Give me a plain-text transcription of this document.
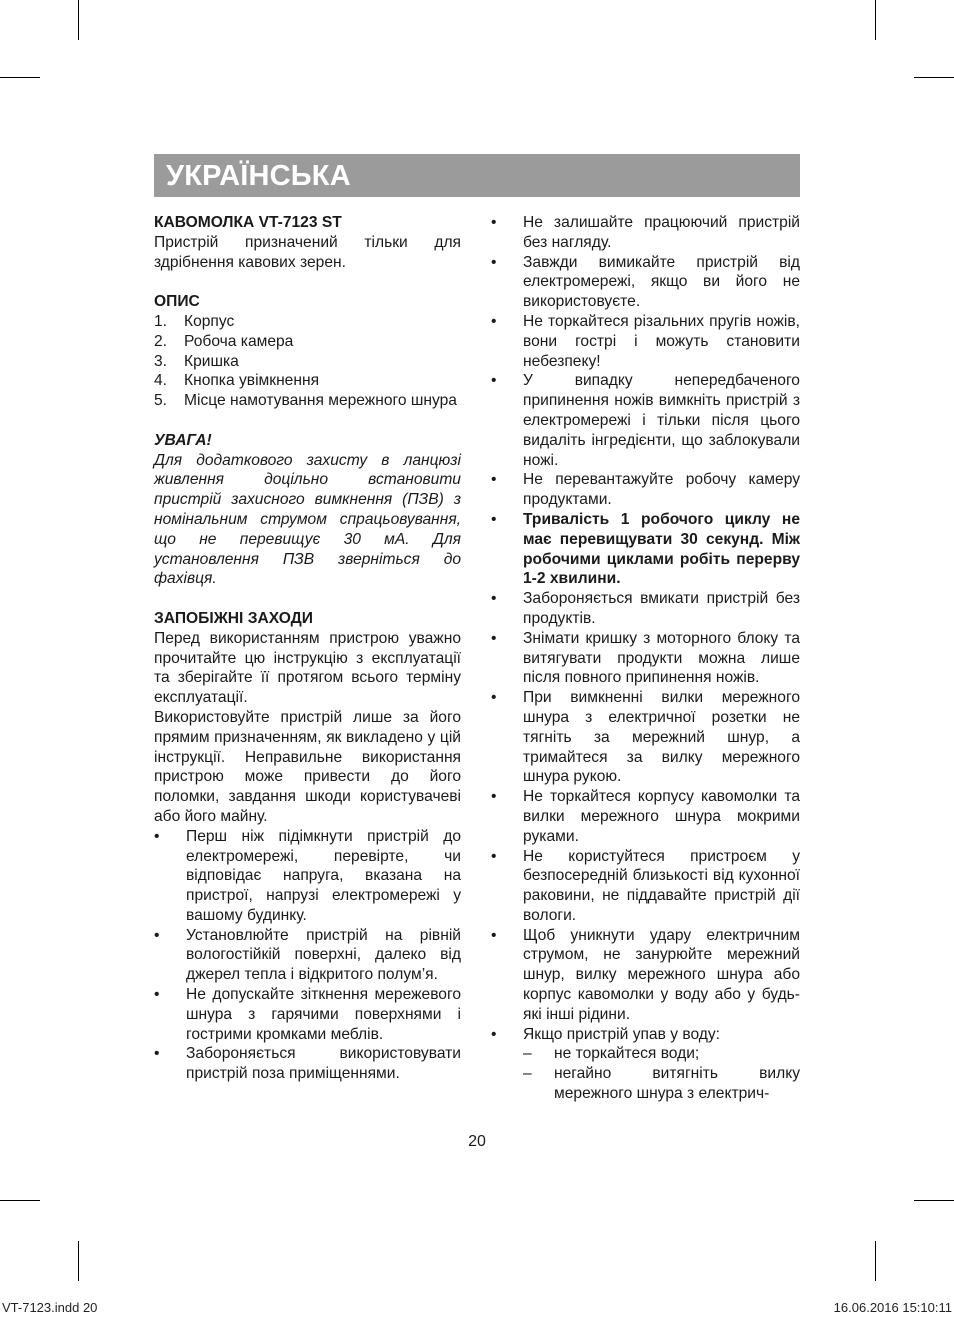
УКРАЇНСЬКА

КАВОМОЛКА VT-7123 ST

Пристрій призначений тільки для здрібнення кавових зерен.

ОПИС

1.	Корпус
2.	Робоча камера
3.	Кришка
4.	Кнопка увімкнення
5.	Місце намотування мережного шнура

УВАГА!

Для додаткового захисту в ланцюзі живлення доцільно встановити пристрій захисного вимкнення (ПЗВ) з номінальним струмом спрацьовування, що не перевищує 30 мА. Для установлення ПЗВ зверніться до фахівця.

ЗАПОБІЖНІ ЗАХОДИ

Перед використанням пристрою уважно прочитайте цю інструкцію з експлуатації та зберігайте її протягом всього терміну експлуатації.

Використовуйте пристрій лише за його прямим призначенням, як викладено у цій інструкції. Неправильне використання пристрою може привести до його поломки, завдання шкоди користувачеві або його майну.

•	Перш ніж підімкнути пристрій до електромережі, перевірте, чи відповідає напруга, вказана на пристрої, напрузі електромережі у вашому будинку.
•	Установлюйте пристрій на рівній вологостійкій поверхні, далеко від джерел тепла і відкритого полум’я.
•	Не допускайте зіткнення мережевого шнура з гарячими поверхнями і гострими кромками меблів.
•	Забороняється використовувати пристрій поза приміщеннями.
•	Не залишайте працюючий пристрій без нагляду.
•	Завжди вимикайте пристрій від електромережі, якщо ви його не використовуєте.
•	Не торкайтеся різальних пругів ножів, вони гострі і можуть становити небезпеку!
•	У випадку непередбаченого припинення ножів вимкніть пристрій з електромережі і тільки після цього видаліть інгредієнти, що заблокували ножі.
•	Не перевантажуйте робочу камеру продуктами.
•	Тривалість 1 робочого циклу не має перевищувати 30 секунд. Між робочими циклами робіть перерву 1-2 хвилини.
•	Забороняється вмикати пристрій без продуктів.
•	Знімати кришку з моторного блоку та витягувати продукти можна лише після повного припинення ножів.
•	При вимкненні вилки мережного шнура з електричної розетки не тягніть за мережний шнур, а тримайтеся за вилку мережного шнура рукою.
•	Не торкайтеся корпусу кавомолки та вилки мережного шнура мокрими руками.
•	Не користуйтеся пристроєм у безпосередній близькості від кухонної раковини, не піддавайте пристрій дії вологи.
•	Щоб уникнути удару електричним струмом, не занурюйте мережний шнур, вилку мережного шнура або корпус кавомолки у воду або у будь-які інші рідини.
•	Якщо пристрій упав у воду:
–	не торкайтеся води;
–	негайно витягніть вилку мережного шнура з електрич-
20
VT-7123.indd 20	16.06.2016 15:10:11
